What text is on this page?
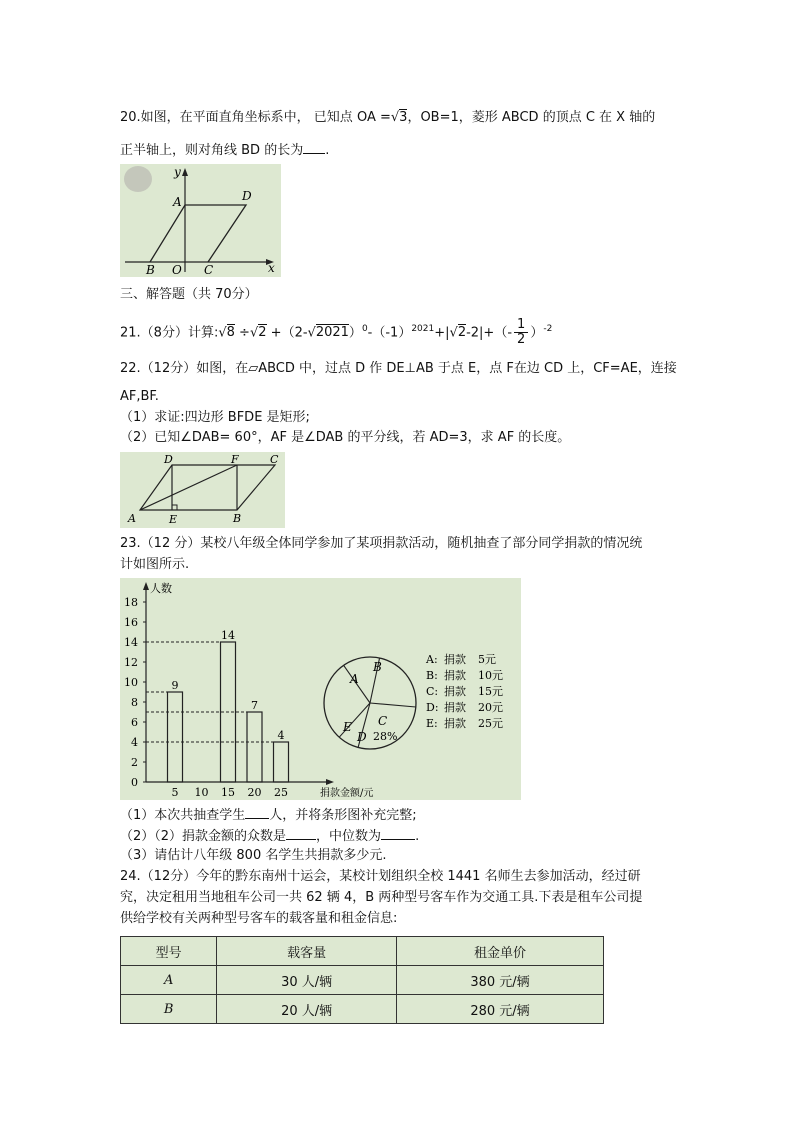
20.如图，在平面直角坐标系中， 已知点 OA =√3，OB=1，菱形 ABCD 的顶点 C 在 X 轴的
正半轴上，则对角线 BD 的长为 .
y
x
A	D
B O C
三、解答题（共 70分）
21.（8分）计算:√8 $\div√2 +(2-√2021)^0-(-1)^{2021}+|√2-2|+(- \frac{1}{2} )^{-2}$
22.（12分）如图，在▱ABCD 中，过点 D 作 DE⊥AB 于点 E，点 F在边 CD 上，CF=AE，连接
AF,BF.
（1）求证:四边形 BFDE 是矩形;
（2）已知∠DAB= 60°，AF 是∠DAB 的平分线，若 AD=3，求 AF 的长度。
D	F	C
A	E	B
23.（12 分）某校八年级全体同学参加了某项捐款活动，随机抽查了部分同学捐款的情况统
计如图所示.
人数
捐款金额/元
0
2
4
6
8
10
12
14
16
18
5 10 15 20 25
9
14
7
4
A
B
C
28%
D
E
A: 捐款 5元
B: 捐款 10元
C: 捐款 15元
D: 捐款 20元
E: 捐款 25元
（1）本次共抽查学生 人，并将条形图补充完整;
（2）（2）捐款金额的众数是 ，中位数为	.
（3）请估计八年级 800 名学生共捐款多少元.
24.（12分）今年的黔东南州十运会，某校计划组织全校 1441 名师生去参加活动，经过研
究，决定租用当地租车公司一共 62 辆 4，B 两种型号客车作为交通工具.下表是租车公司提
供给学校有关两种型号客车的载客量和租金信息:
型号	载客量	租金单价
A	30 人/辆	380 元/辆
B	20 人/辆	280 元/辆
